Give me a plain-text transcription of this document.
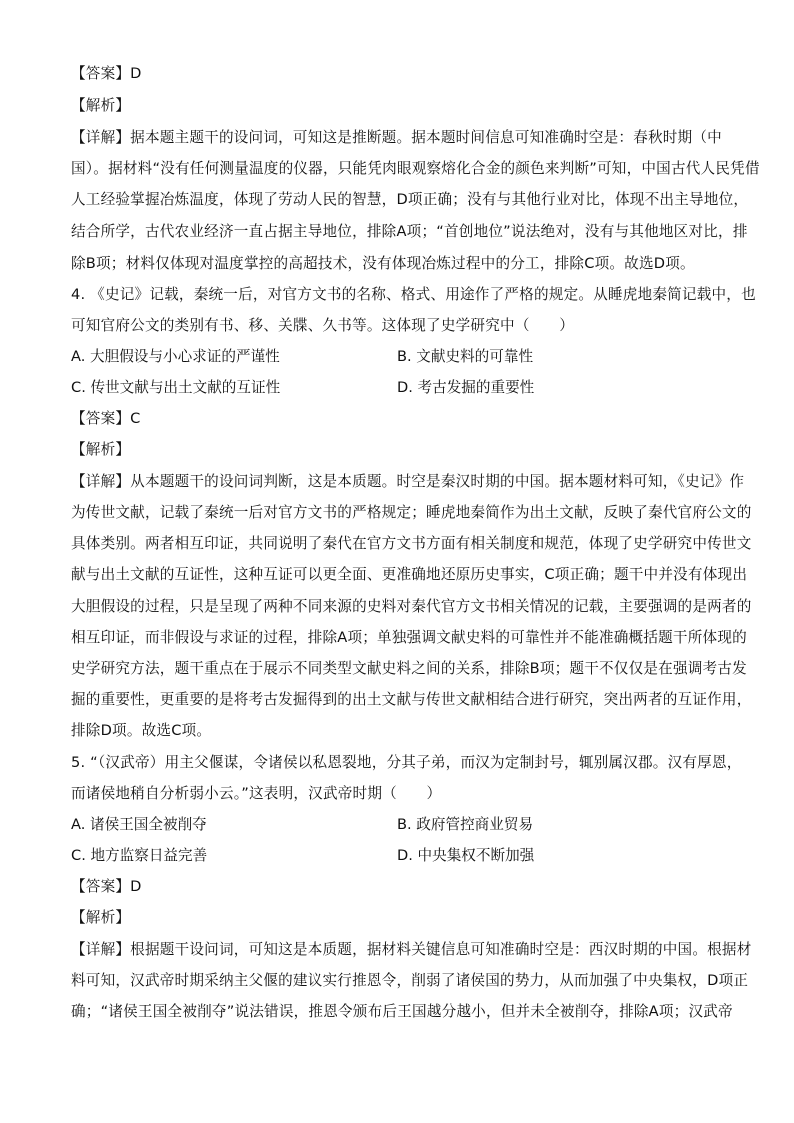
【答案】D
【解析】
【详解】据本题主题干的设问词，可知这是推断题。据本题时间信息可知准确时空是：春秋时期（中
国）。据材料“没有任何测量温度的仪器，只能凭肉眼观察熔化合金的颜色来判断”可知，中国古代人民凭借
人工经验掌握冶炼温度，体现了劳动人民的智慧，D项正确；没有与其他行业对比，体现不出主导地位，
结合所学，古代农业经济一直占据主导地位，排除A项；“首创地位”说法绝对，没有与其他地区对比，排
除B项；材料仅体现对温度掌控的高超技术，没有体现冶炼过程中的分工，排除C项。故选D项。
4. 《史记》记载，秦统一后，对官方文书的名称、格式、用途作了严格的规定。从睡虎地秦简记载中，也
可知官府公文的类别有书、移、关牒、久书等。这体现了史学研究中（　　）
A. 大胆假设与小心求证的严谨性	B. 文献史料的可靠性
C. 传世文献与出土文献的互证性	D. 考古发掘的重要性
【答案】C
【解析】
【详解】从本题题干的设问词判断，这是本质题。时空是秦汉时期的中国。据本题材料可知，《史记》作
为传世文献，记载了秦统一后对官方文书的严格规定；睡虎地秦简作为出土文献，反映了秦代官府公文的
具体类别。两者相互印证，共同说明了秦代在官方文书方面有相关制度和规范，体现了史学研究中传世文
献与出土文献的互证性，这种互证可以更全面、更准确地还原历史事实，C项正确；题干中并没有体现出
大胆假设的过程，只是呈现了两种不同来源的史料对秦代官方文书相关情况的记载，主要强调的是两者的
相互印证，而非假设与求证的过程，排除A项；单独强调文献史料的可靠性并不能准确概括题干所体现的
史学研究方法，题干重点在于展示不同类型文献史料之间的关系，排除B项；题干不仅仅是在强调考古发
掘的重要性，更重要的是将考古发掘得到的出土文献与传世文献相结合进行研究，突出两者的互证作用，
排除D项。故选C项。
5. “（汉武帝）用主父偃谋，令诸侯以私恩裂地，分其子弟，而汉为定制封号，辄别属汉郡。汉有厚恩，
而诸侯地稍自分析弱小云。”这表明，汉武帝时期（　　）
A. 诸侯王国全被削夺	B. 政府管控商业贸易
C. 地方监察日益完善	D. 中央集权不断加强
【答案】D
【解析】
【详解】根据题干设问词，可知这是本质题，据材料关键信息可知准确时空是：西汉时期的中国。根据材
料可知，汉武帝时期采纳主父偃的建议实行推恩令，削弱了诸侯国的势力，从而加强了中央集权，D项正
确；“诸侯王国全被削夺”说法错误，推恩令颁布后王国越分越小，但并未全被削夺，排除A项；汉武帝
